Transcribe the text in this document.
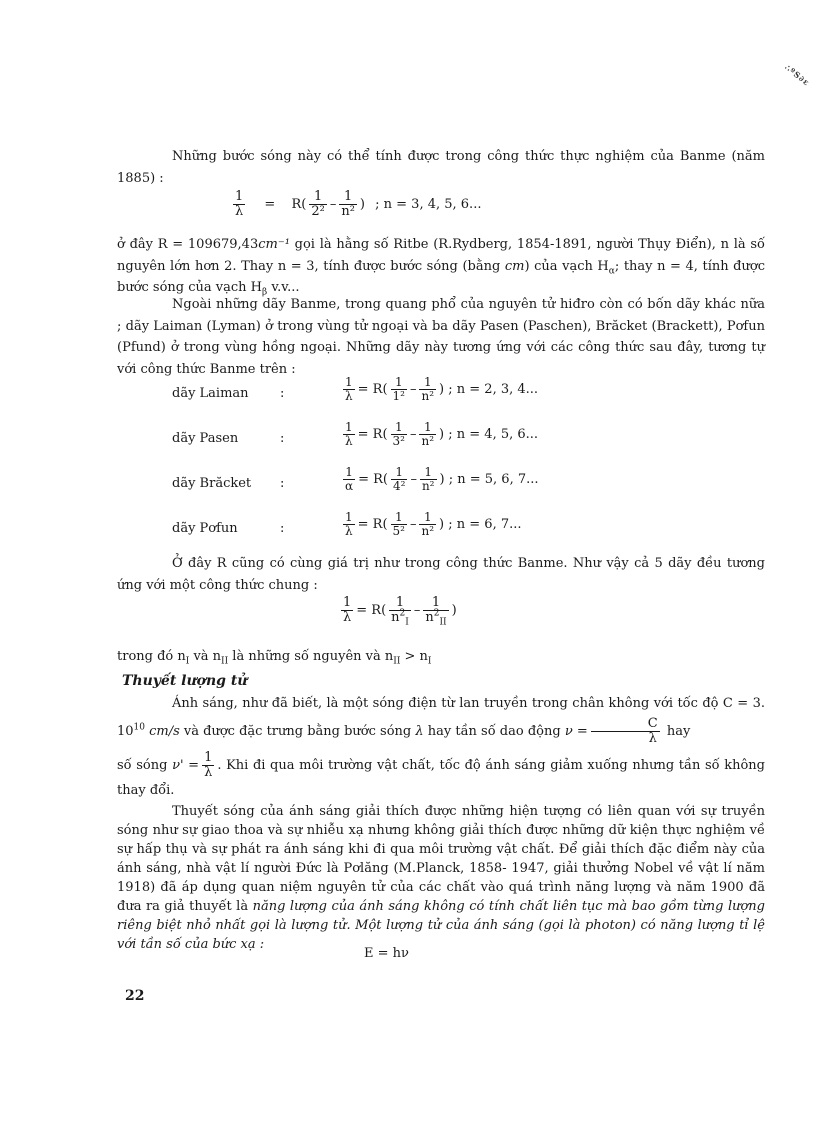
∴ºS∂ε

Những bước sóng này có thể tính được trong công thức thực nghiệm của Banme (năm 1885) :

$\frac{1}{\lambda} = R( \frac{1}{\text{2²}} - \frac{1}{\text{n²}}$ ) ; n = 3, 4, 5, 6...

ở đây R = 109679,43cm⁻¹ gọi là hằng số Ritbe (R.Rydberg, 1854-1891, người Thụy Điển), n là số nguyên lớn hơn 2. Thay n = 3, tính được bước sóng (bằng cm) của vạch $H_\alpha$; thay n = 4, tính được bước sóng của vạch $H_\beta$ v.v...

Ngoài những dãy Banme, trong quang phổ của nguyên tử hiđro còn có bốn dãy khác nữa ; dãy Laiman (Lyman) ở trong vùng tử ngoại và ba dãy Pasen (Paschen), Brăcket (Brackett), Pơfun (Pfund) ở trong vùng hồng ngoại. Những dãy này tương ứng với các công thức sau đây, tương tự với công thức Banme trên :

dãy Laiman :	$\frac{1}{\lambda} = R( \frac{1}{\text{1²}} - \frac{1}{\text{n²}}$ ) ; n = 2, 3, 4...
dãy Pasen	:	$\frac{1}{\lambda} = R( \frac{1}{\text{3²}} - \frac{1}{\text{n²}}$ ) ; n = 4, 5, 6...
dãy Brăcket :	$\frac{1}{\alpha} = R( \frac{1}{\text{4²}} - \frac{1}{\text{n²}}$ ) ; n = 5, 6, 7...
dãy Pơfun	:	$\frac{1}{\lambda} = R( \frac{1}{\text{5²}} - \frac{1}{\text{n²}}$ ) ; n = 6, 7...

Ở đây R cũng có cùng giá trị như trong công thức Banme. Như vậy cả 5 dãy đều tương ứng với một công thức chung :

$\frac{1}{\lambda} = R( \frac{1}{n^2_I} - \frac{1}{n^2_{II}}$ )

trong đó $n_I$ và $n_{II}$ là những số nguyên và $n_{II} > n_I$

Thuyết lượng tử

Ánh sáng, như đã biết, là một sóng điện từ lan truyền trong chân không với tốc độ C = 3. $10^{10}$ cm/s và được đặc trưng bằng bước sóng λ hay tần số dao động $\nu = \frac{C}{\lambda}$ hay

số sóng $\nu' = \frac{1}{\lambda}$ . Khi đi qua môi trường vật chất, tốc độ ánh sáng giảm xuống nhưng tần số không thay đổi.

Thuyết sóng của ánh sáng giải thích được những hiện tượng có liên quan với sự truyền sóng như sự giao thoa và sự nhiễu xạ nhưng không giải thích được những dữ kiện thực nghiệm về sự hấp thụ và sự phát ra ánh sáng khi đi qua môi trường vật chất. Để giải thích đặc điểm này của ánh sáng, nhà vật lí người Đức là Pơlăng (M.Planck, 1858- 1947, giải thưởng Nobel về vật lí năm 1918) đã áp dụng quan niệm nguyên tử của các chất vào quá trình năng lượng và năm 1900 đã đưa ra giả thuyết là năng lượng của ánh sáng không có tính chất liên tục mà bao gồm từng lượng riêng biệt nhỏ nhất gọi là lượng tử. Một lượng tử của ánh sáng (gọi là photon) có năng lượng tỉ lệ với tần số của bức xạ :

E = hν
22
